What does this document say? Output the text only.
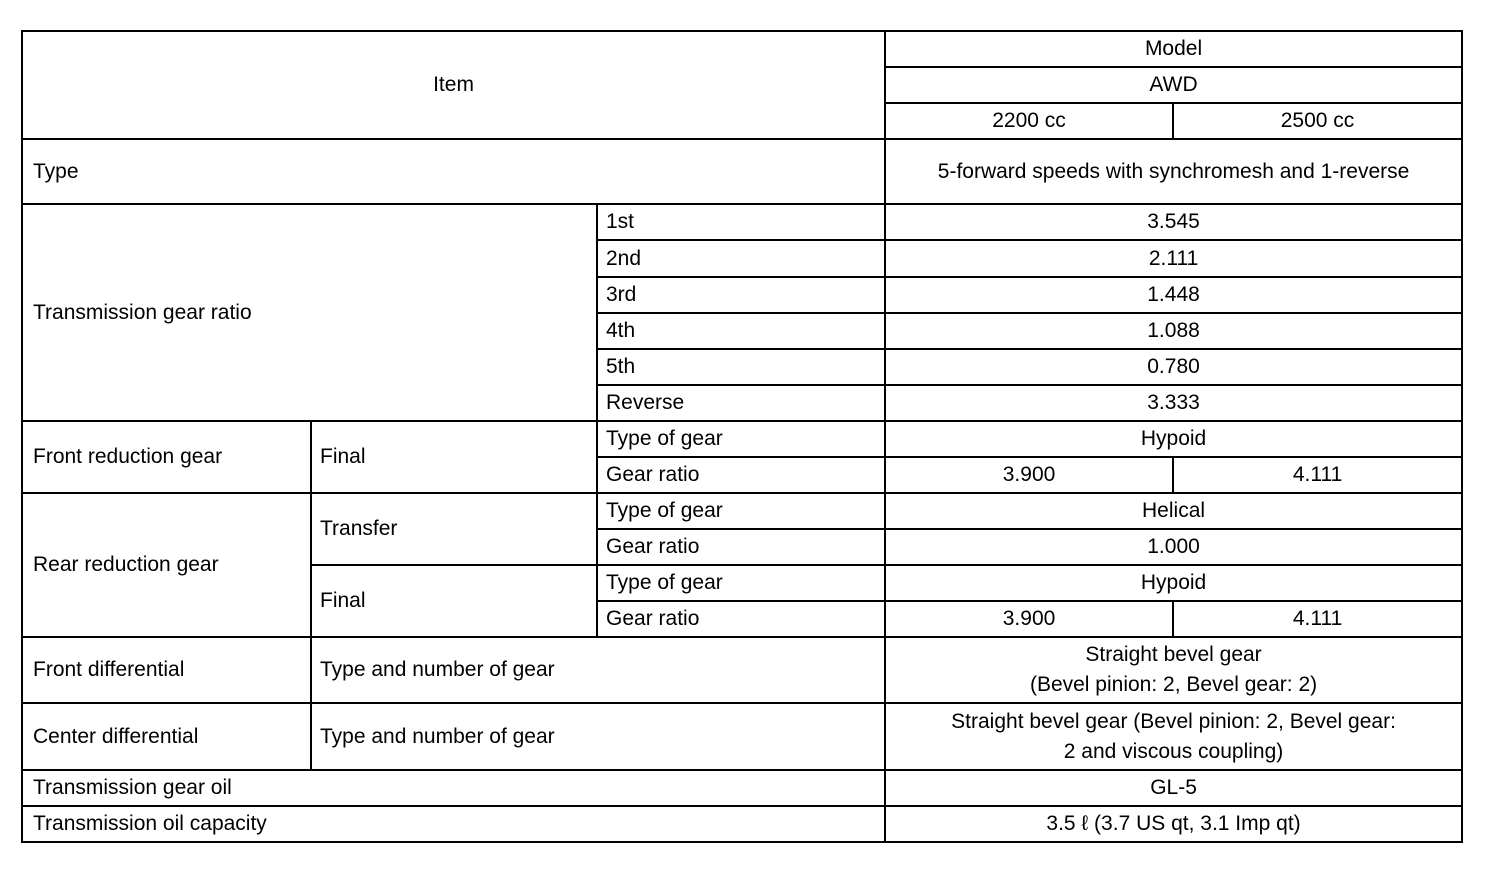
Item			Model	
			AWD	
			2200 cc	2500 cc
Type			5-forward speeds with synchromesh and 1-reverse	
Transmission gear ratio		1st	3.545	
		2nd	2.111	
		3rd	1.448	
		4th	1.088	
		5th	0.780	
		Reverse	3.333	
Front reduction gear	Final	Type of gear	Hypoid	
		Gear ratio	3.900	4.111
Rear reduction gear	Transfer	Type of gear	Helical	
		Gear ratio	1.000	
	Final	Type of gear	Hypoid	
		Gear ratio	3.900	4.111
Front differential	Type and number of gear		Straight bevel gear
(Bevel pinion: 2, Bevel gear: 2)	

Center differential	Type and number of gear		Straight bevel gear (Bevel pinion: 2, Bevel gear:
2 and viscous coupling)	

Transmission gear oil			GL-5	
Transmission oil capacity			3.5 ℓ (3.7 US qt, 3.1 Imp qt)	
